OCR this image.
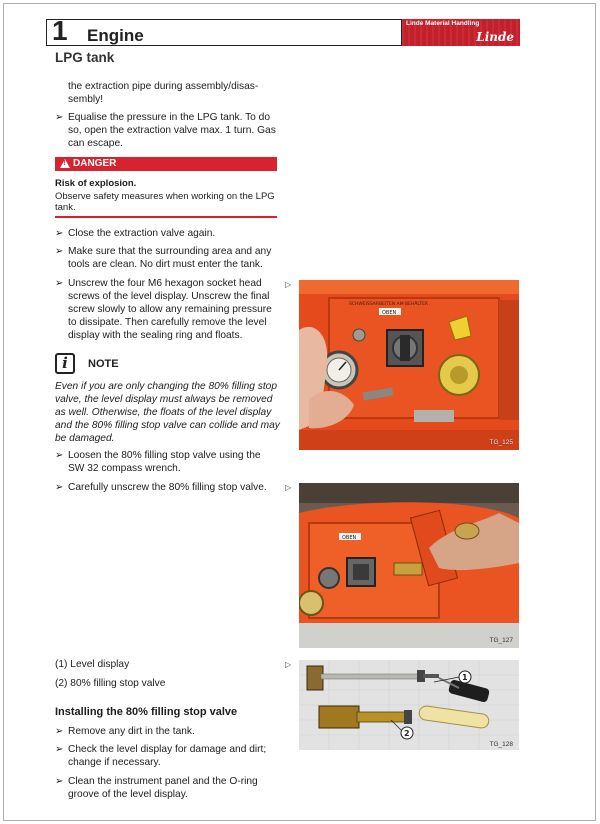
1 Engine
Linde Material Handling
Linde
LPG tank
the extraction pipe during assembly/disas-
sembly!
➢ Equalise the pressure in the LPG tank. To do
so, open the extraction valve max. 1 turn. Gas
can escape.
!
DANGER
Risk of explosion.
Observe safety measures when working on the LPG
tank.
➢ Close the extraction valve again.
➢ Make sure that the surrounding area and any
tools are clean. No dirt must enter the tank.
➢ Unscrew the four M6 hexagon socket head
screws of the level display. Unscrew the final
screw slowly to allow any remaining pressure
to dissipate. Then carefully remove the level
display with the sealing ring and floats.
i	NOTE
Even if you are only changing the 80% filling stop
valve, the level display must always be removed
as well. Otherwise, the floats of the level display
and the 80% filling stop valve can collide and may
be damaged.
➢ Loosen the 80% filling stop valve using the
SW 32 compass wrench.
➢ Carefully unscrew the 80% filling stop valve.
(1) Level display
(2) 80% filling stop valve
Installing the 80% filling stop valve
➢ Remove any dirt in the tank.
➢ Check the level display for damage and dirt;
change if necessary.
➢ Clean the instrument panel and the O-ring
groove of the level display.
▷
▷
▷
SCHWEISSARBEITEN AM BEHÄLTER
OBEN
TG_125
OBEN
TG_127
1
2
TG_128
